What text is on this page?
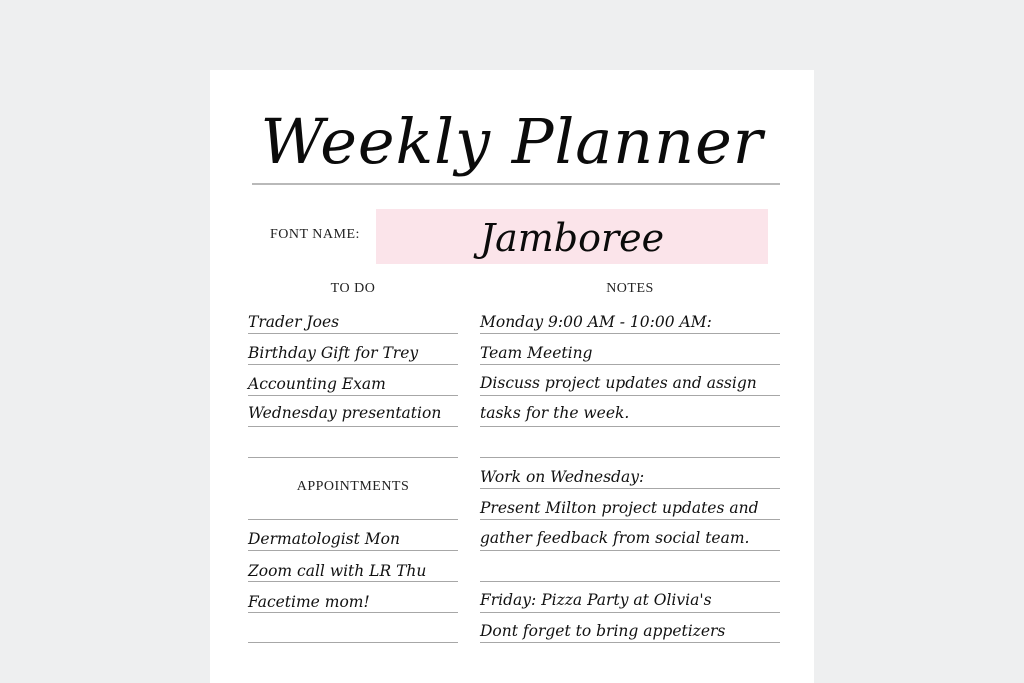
Weekly Planner
FONT NAME:	Jamboree
TO DO	NOTES
APPOINTMENTS
Trader Joes
Birthday Gift for Trey
Accounting Exam
Wednesday presentation
Dermatologist Mon
Zoom call with LR Thu
Facetime mom!
Monday 9:00 AM - 10:00 AM:
Team Meeting
Discuss project updates and assign
tasks for the week.
Work on Wednesday:
Present Milton project updates and
gather feedback from social team.
Friday: Pizza Party at Olivia's
Dont forget to bring appetizers
